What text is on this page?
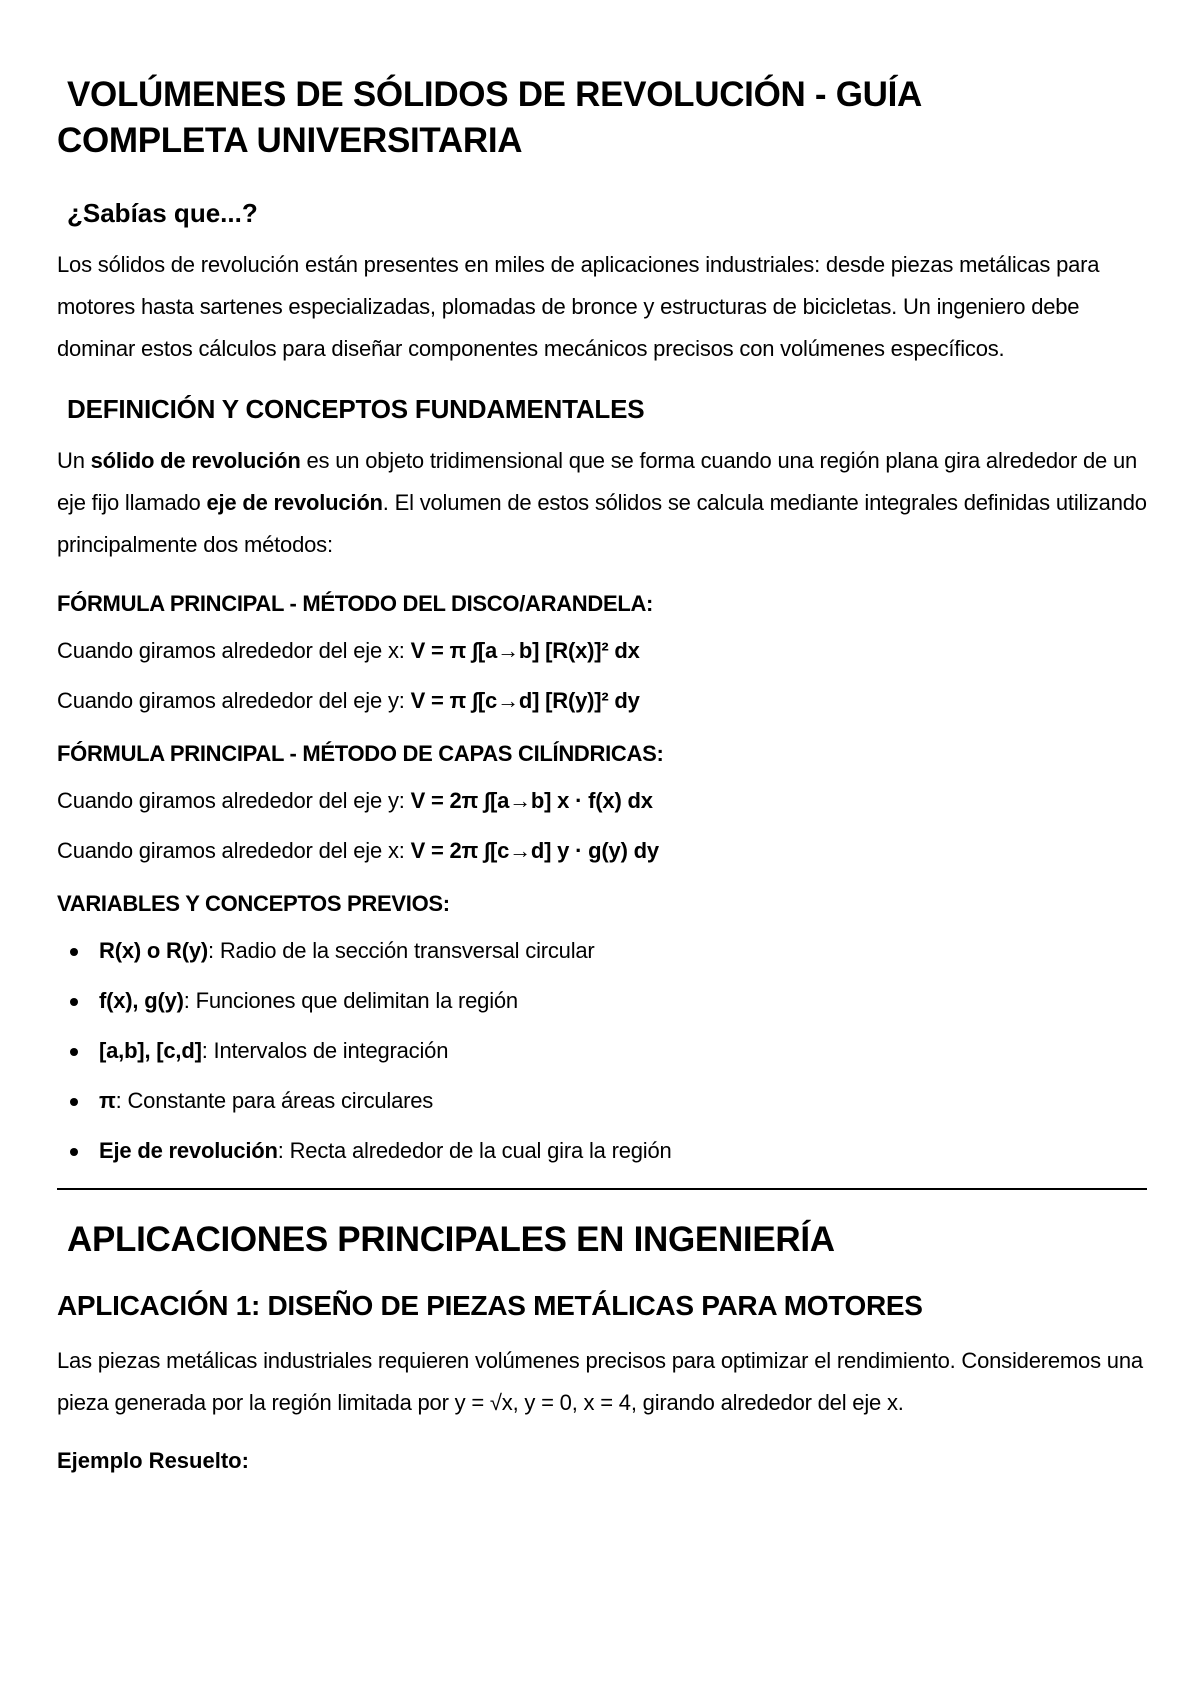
VOLÚMENES DE SÓLIDOS DE REVOLUCIÓN - GUÍA
COMPLETA UNIVERSITARIA
¿Sabías que...?

Los sólidos de revolución están presentes en miles de aplicaciones industriales: desde piezas metálicas para motores hasta sartenes especializadas, plomadas de bronce y estructuras de bicicletas. Un ingeniero debe dominar estos cálculos para diseñar componentes mecánicos precisos con volúmenes específicos.

DEFINICIÓN Y CONCEPTOS FUNDAMENTALES

Un sólido de revolución es un objeto tridimensional que se forma cuando una región plana gira alrededor de un eje fijo llamado eje de revolución. El volumen de estos sólidos se calcula mediante integrales definidas utilizando principalmente dos métodos:

FÓRMULA PRINCIPAL - MÉTODO DEL DISCO/ARANDELA:

Cuando giramos alrededor del eje x: V = π ∫[a→b] [R(x)]² dx

Cuando giramos alrededor del eje y: V = π ∫[c→d] [R(y)]² dy

FÓRMULA PRINCIPAL - MÉTODO DE CAPAS CILÍNDRICAS:

Cuando giramos alrededor del eje y: V = 2π ∫[a→b] x · f(x) dx

Cuando giramos alrededor del eje x: V = 2π ∫[c→d] y · g(y) dy

VARIABLES Y CONCEPTOS PREVIOS:
R(x) o R(y): Radio de la sección transversal circular
f(x), g(y): Funciones que delimitan la región
[a,b], [c,d]: Intervalos de integración
π: Constante para áreas circulares
Eje de revolución: Recta alrededor de la cual gira la región
APLICACIONES PRINCIPALES EN INGENIERÍA
APLICACIÓN 1: DISEÑO DE PIEZAS METÁLICAS PARA MOTORES

Las piezas metálicas industriales requieren volúmenes precisos para optimizar el rendimiento. Consideremos una pieza generada por la región limitada por y = √x, y = 0, x = 4, girando alrededor del eje x.

Ejemplo Resuelto:
